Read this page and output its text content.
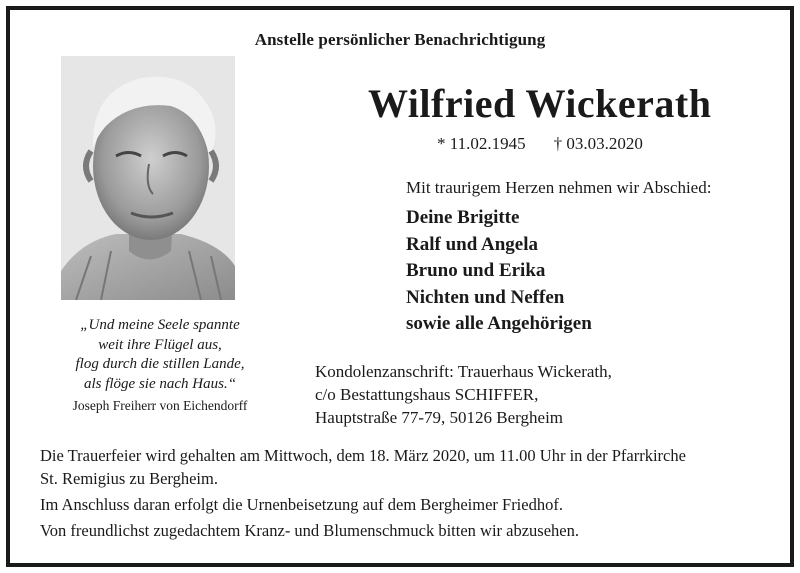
Anstelle persönlicher Benachrichtigung
Wilfried Wickerath
* 11.02.1945 † 03.03.2020
Mit traurigem Herzen nehmen wir Abschied:
Deine Brigitte
Ralf und Angela
Bruno und Erika
Nichten und Neffen
sowie alle Angehörigen
„Und meine Seele spannte
weit ihre Flügel aus,
flog durch die stillen Lande,
als flöge sie nach Haus.“
Joseph Freiherr von Eichendorff
Kondolenzanschrift: Trauerhaus Wickerath,
c/o Bestattungshaus SCHIFFER,
Hauptstraße 77-79, 50126 Bergheim
Die Trauerfeier wird gehalten am Mittwoch, dem 18. März 2020, um 11.00 Uhr in der Pfarrkirche
St. Remigius zu Bergheim.
Im Anschluss daran erfolgt die Urnenbeisetzung auf dem Bergheimer Friedhof.
Von freundlichst zugedachtem Kranz- und Blumenschmuck bitten wir abzusehen.
